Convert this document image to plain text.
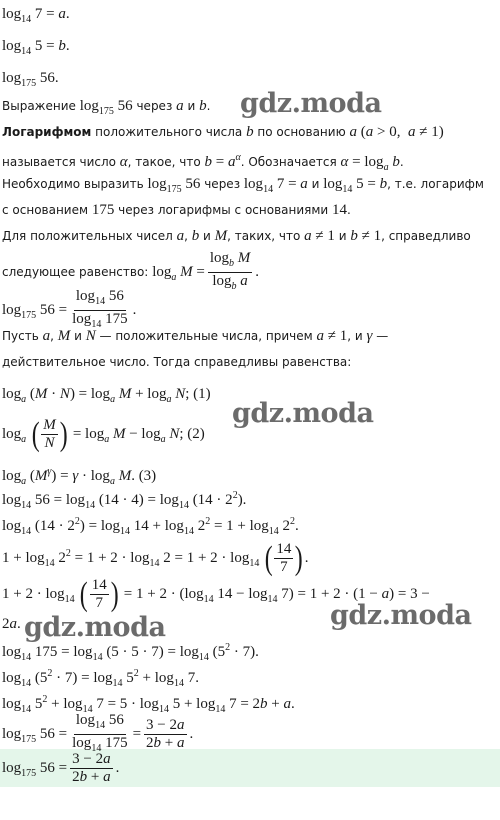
gdz.moda
gdz.moda
gdz.moda
gdz.moda
$\log_{14} 7 = a$.
$\log_{14} 5 = b$.
$\log_{175} 56$.
Выражение $\log_{175} 56$ через a и b.
Логарифмом положительного числа b по основанию a (a > 0,  a ≠ 1)
называется число α, такое, что $b = a^\alpha$. Обозначается $\alpha = \log_a b$.
Необходимо выразить $\log_{175} 56$ через $\log_{14} 7 = a$ и $\log_{14} 5 = b$, т.е. логарифм
с основанием 175 через логарифмы с основаниями 14.
Для положительных чисел a, b и M, таких, что a ≠ 1 и b ≠ 1, справедливо
следующее равенство: $\log_a M = \frac{\log_b M}{\log_b a}$ .
$\log_{175} 56 = \frac{\log_{14} 56}{\log_{14} 175}$ .
Пусть a, M и N — положительные числа, причем a ≠ 1, и γ —
действительное число. Тогда справедливы равенства:
$\log_a (M \cdot N) = \log_a M + \log_a N$; (1)
$\log_a$ ( $\frac{M}{N}$ ) = $\log_a M - \log_a N$; (2)
$\log_a (M^\gamma) = \gamma \cdot \log_a M$. (3)
$\log_{14} 56 = \log_{14} (14 \cdot 4) = \log_{14} (14 \cdot 2^2)$.
$\log_{14} (14 \cdot 2^2) = \log_{14} 14 + \log_{14} 2^2 = 1 + \log_{14} 2^2$.
$1 + \log_{14} 2^2 = 1 + 2 \cdot \log_{14} 2 = 1 + 2 \cdot \log_{14}$ ( $\frac{14}{7}$ ) .
$1 + 2 \cdot \log_{14}$ ( $\frac{14}{7}$ ) = $1 + 2 \cdot (\log_{14}$ $14 - \log_{14} 7) = 1 + 2 \cdot (1 - a) = 3$ −
2a.
$\log_{14} 175 = \log_{14} (5 \cdot 5 \cdot 7) = \log_{14} (5^2 \cdot 7)$.
$\log_{14} (5^2 \cdot 7) = \log_{14} 5^2 + \log_{14} 7$.
$\log_{14} 5^2 + \log_{14} 7 = 5 \cdot \log_{14} 5 + \log_{14} 7 = 2b + a$.
$\log_{175} 56 = \frac{\log_{14} 56}{\log_{14} 175} = \frac{3 - 2a}{2b + a}$ .
$\log_{175} 56 = \frac{3 - 2a}{2b + a}$ .
